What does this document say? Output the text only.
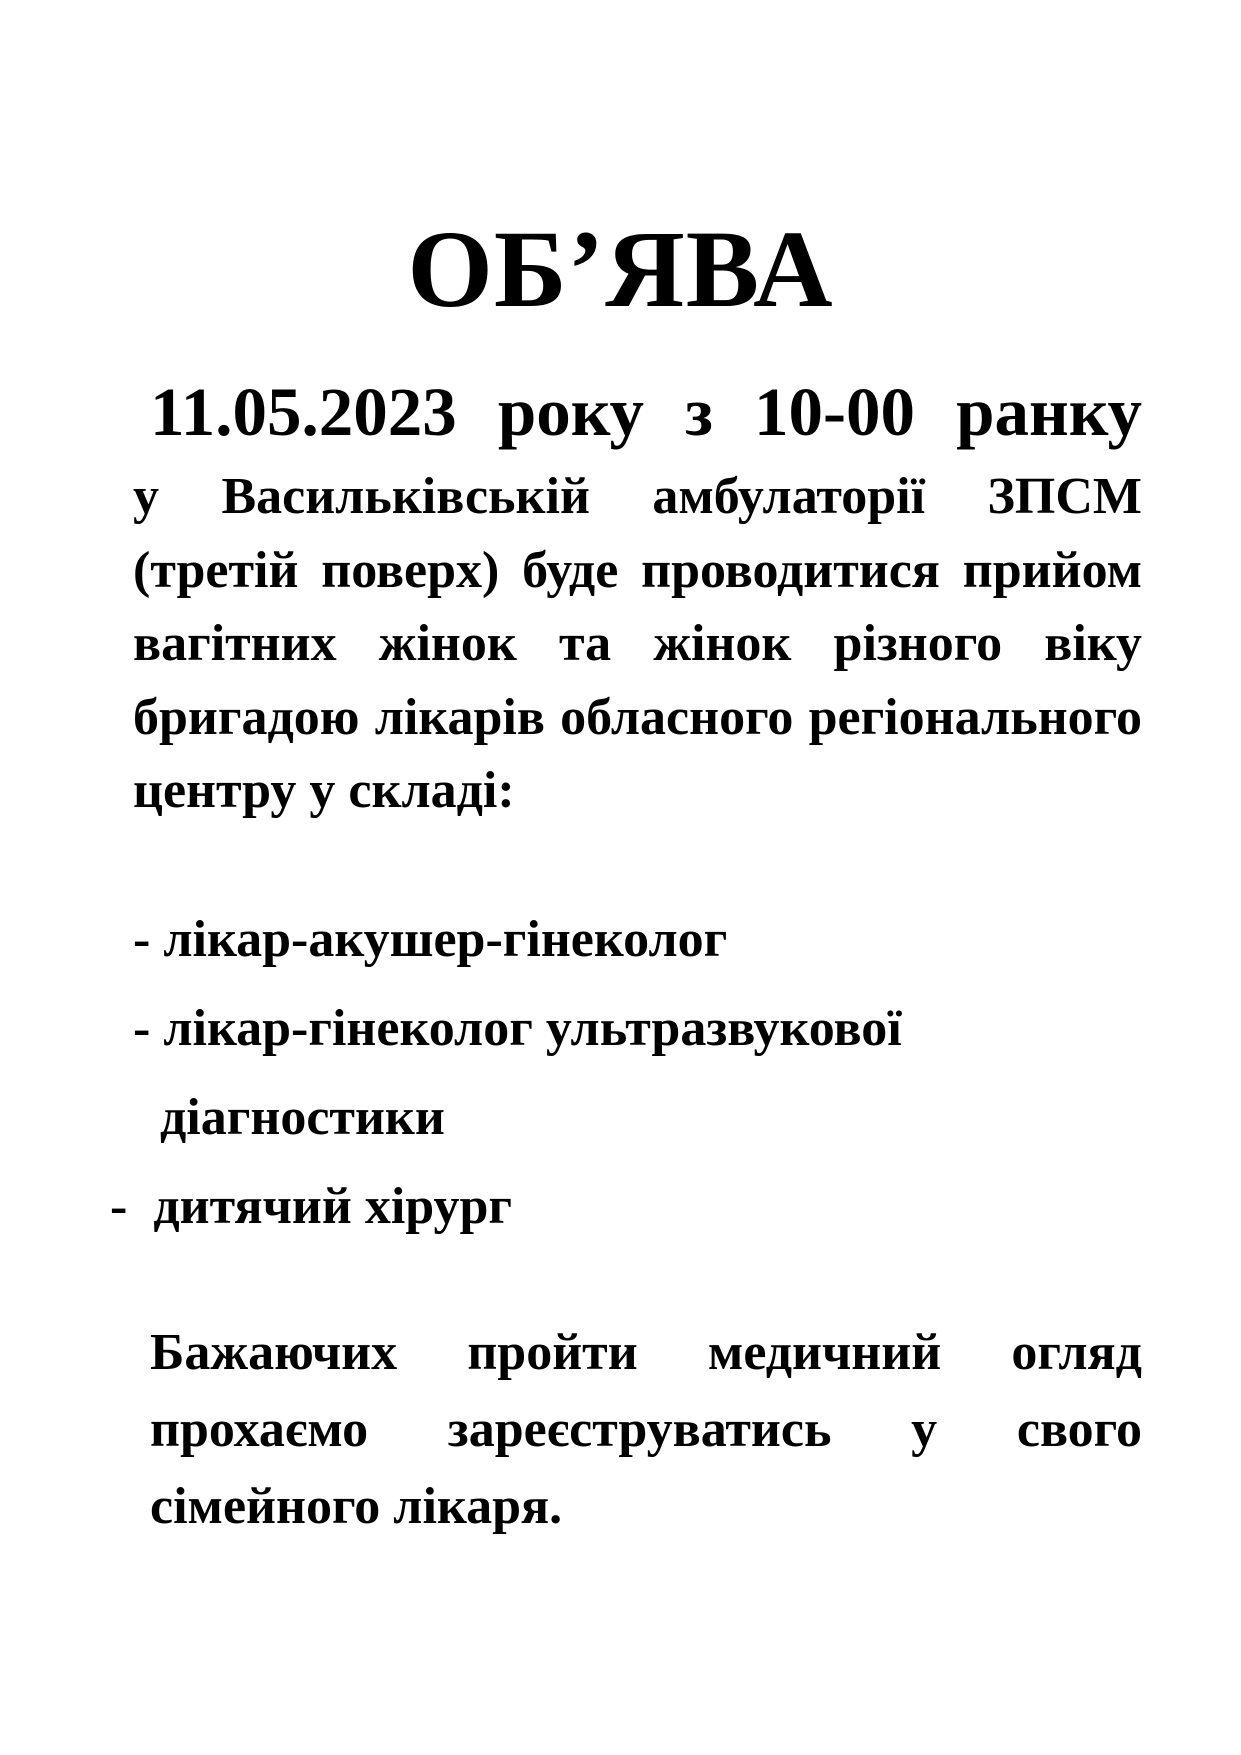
ОБ’ЯВА
11.05.2023 року з 10-00 ранку
у Васильківській амбулаторії ЗПСМ (третій поверх) буде проводитися прийом вагітних жінок та жінок різного віку бригадою лікарів обласного регіонального центру у складі:
- лікар-акушер-гінеколог
- лікар-гінеколог ультразвукової
діагностики
-  дитячий хірург
Бажаючих пройти медичний огляд прохаємо зареєструватись у свого сімейного лікаря.
